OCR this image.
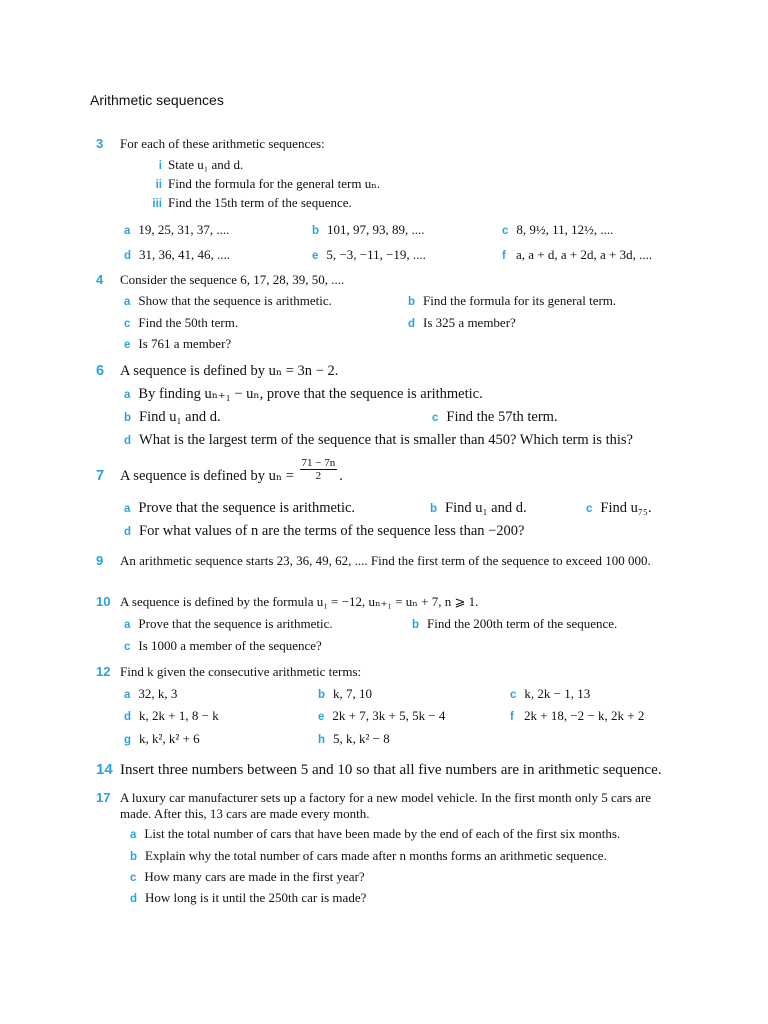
Arithmetic sequences
3 For each of these arithmetic sequences:
i State u₁ and d.
ii Find the formula for the general term uₙ.
iii Find the 15th term of the sequence.
a 19, 25, 31, 37, ....	b 101, 97, 93, 89, ....	c 8, 9½, 11, 12½, ....
d 31, 36, 41, 46, ....	e 5, −3, −11, −19, ....	f a, a + d, a + 2d, a + 3d, ....
4 Consider the sequence 6, 17, 28, 39, 50, ....
a Show that the sequence is arithmetic.	b Find the formula for its general term.
c Find the 50th term.	d Is 325 a member?
e Is 761 a member?
6 A sequence is defined by uₙ = 3n − 2.
a By finding uₙ₊₁ − uₙ, prove that the sequence is arithmetic.
b Find u₁ and d.	c Find the 57th term.
d What is the largest term of the sequence that is smaller than 450? Which term is this?
7 A sequence is defined by $u_n = \frac{71 - 7n}{2}$ .
a Prove that the sequence is arithmetic.	b Find u₁ and d.	c Find u₇₅.
d For what values of n are the terms of the sequence less than −200?
9 An arithmetic sequence starts 23, 36, 49, 62, .... Find the first term of the sequence to exceed 100 000.
10 A sequence is defined by the formula u₁ = −12, uₙ₊₁ = uₙ + 7, n ⩾ 1.
a Prove that the sequence is arithmetic.	b Find the 200th term of the sequence.
c Is 1000 a member of the sequence?
12 Find k given the consecutive arithmetic terms:
a 32, k, 3	b k, 7, 10	c k, 2k − 1, 13
d k, 2k + 1, 8 − k	e 2k + 7, 3k + 5, 5k − 4	f 2k + 18, −2 − k, 2k + 2
g k, k², k² + 6	h 5, k, k² − 8
14 Insert three numbers between 5 and 10 so that all five numbers are in arithmetic sequence.
17 A luxury car manufacturer sets up a factory for a new model vehicle. In the first month only 5 cars are made. After this, 13 cars are made every month.
a List the total number of cars that have been made by the end of each of the first six months.
b Explain why the total number of cars made after n months forms an arithmetic sequence.
c How many cars are made in the first year?
d How long is it until the 250th car is made?
